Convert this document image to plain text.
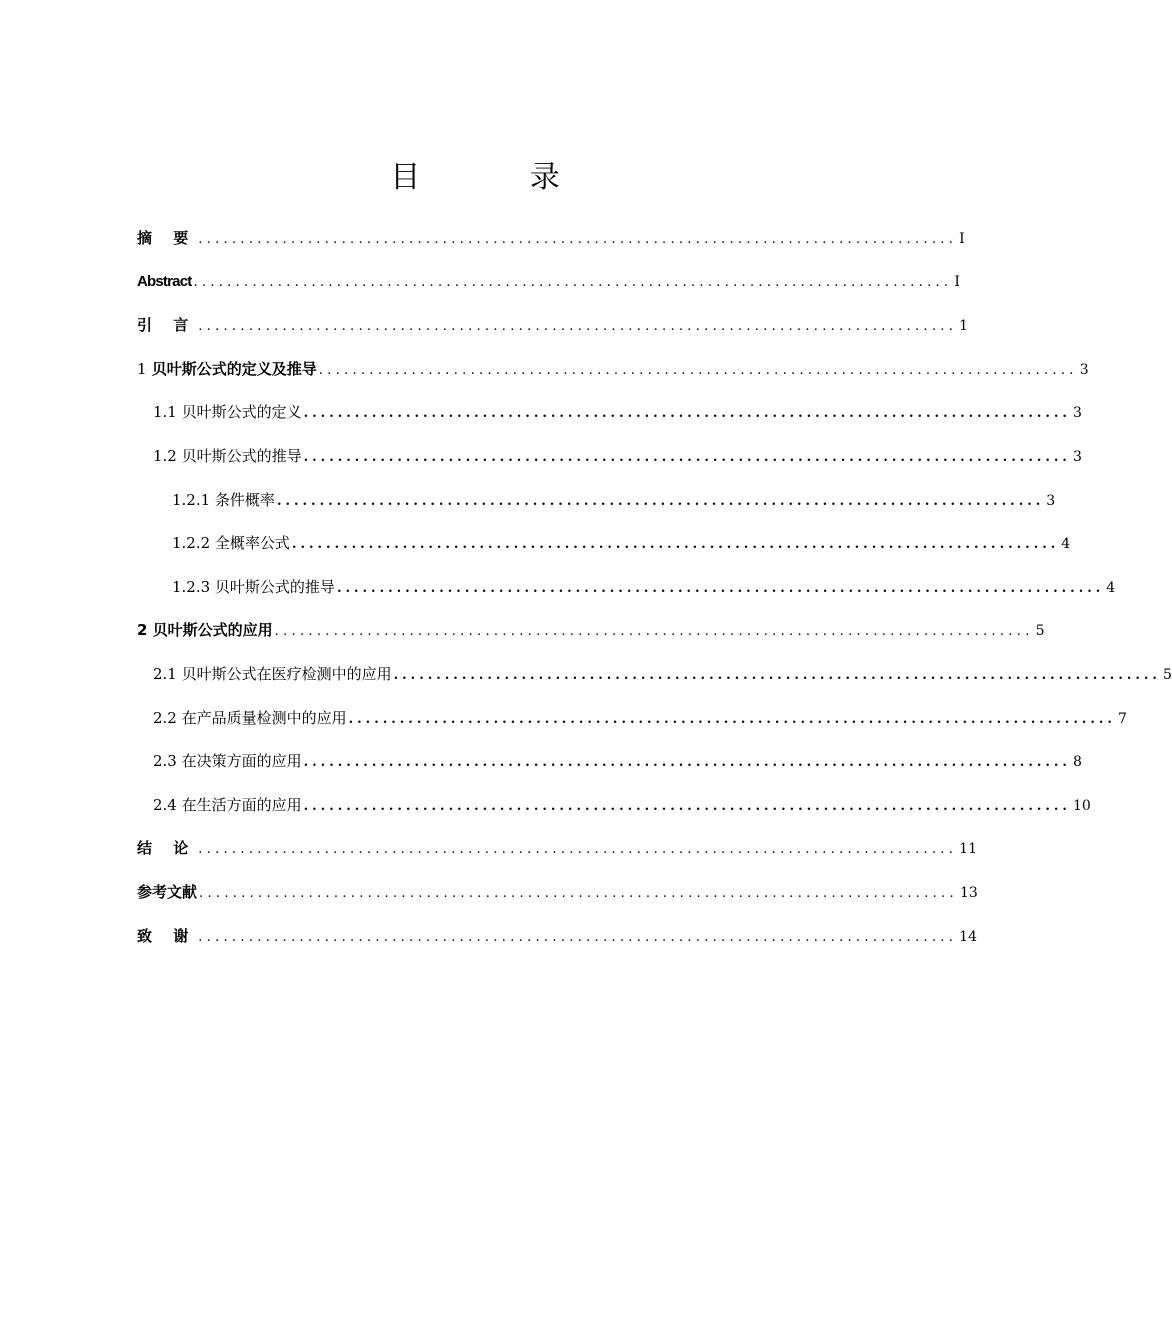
目 录
摘 要 .......................................................................................... I
Abstract .......................................................................................... I
引 言 .......................................................................................... 1
1 贝叶斯公式的定义及推导 .......................................................................................... 3
1.1 贝叶斯公式的定义 .......................................................................................... 3
1.2 贝叶斯公式的推导 .......................................................................................... 3
1.2.1 条件概率 .......................................................................................... 3
1.2.2 全概率公式 .......................................................................................... 4
1.2.3 贝叶斯公式的推导 .......................................................................................... 4
2 贝叶斯公式的应用 .......................................................................................... 5
2.1 贝叶斯公式在医疗检测中的应用 .......................................................................................... 5
2.2 在产品质量检测中的应用 .......................................................................................... 7
2.3 在决策方面的应用 .......................................................................................... 8
2.4 在生活方面的应用 .......................................................................................... 10
结 论 .......................................................................................... 11
参考文献 .......................................................................................... 13
致 谢 .......................................................................................... 14
